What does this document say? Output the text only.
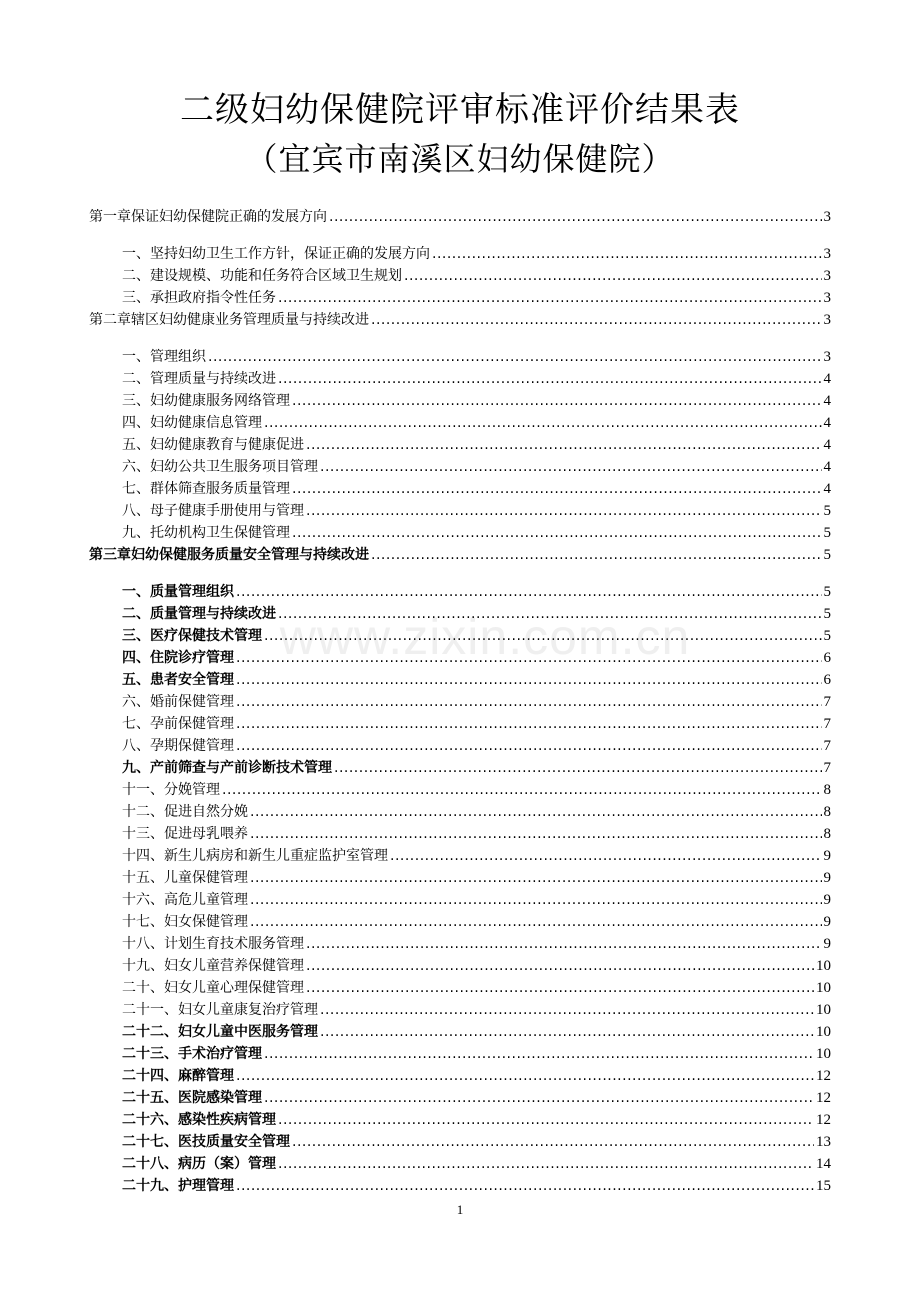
二级妇幼保健院评审标准评价结果表
（宜宾市南溪区妇幼保健院）
第一章保证妇幼保健院正确的发展方向 .....	3
一、坚持妇幼卫生工作方针，保证正确的发展方向 .....	3
二、建设规模、功能和任务符合区域卫生规划 .....	3
三、承担政府指令性任务 .....	3
第二章辖区妇幼健康业务管理质量与持续改进 .....	3
一、管理组织 .....	3
二、管理质量与持续改进 .....	4
三、妇幼健康服务网络管理 .....	4
四、妇幼健康信息管理 .....	4
五、妇幼健康教育与健康促进 .....	4
六、妇幼公共卫生服务项目管理 .....	4
七、群体筛查服务质量管理 .....	4
八、母子健康手册使用与管理 .....	5
九、托幼机构卫生保健管理 .....	5
第三章妇幼保健服务质量安全管理与持续改进 .....	5
一、质量管理组织 .....	5
二、质量管理与持续改进 .....	5
三、医疗保健技术管理 .....	5
四、住院诊疗管理 .....	6
五、患者安全管理 .....	6
六、婚前保健管理 .....	7
七、孕前保健管理 .....	7
八、孕期保健管理 .....	7
九、产前筛查与产前诊断技术管理 .....	7
十一、分娩管理 .....	8
十二、促进自然分娩 .....	8
十三、促进母乳喂养 .....	8
十四、新生儿病房和新生儿重症监护室管理 .....	9
十五、儿童保健管理 .....	9
十六、高危儿童管理 .....	9
十七、妇女保健管理 .....	9
十八、计划生育技术服务管理 .....	9
十九、妇女儿童营养保健管理 .....	10
二十、妇女儿童心理保健管理 .....	10
二十一、妇女儿童康复治疗管理 .....	10
二十二、妇女儿童中医服务管理 .....	10
二十三、手术治疗管理 .....	10
二十四、麻醉管理 .....	12
二十五、医院感染管理 .....	12
二十六、感染性疾病管理 .....	12
二十七、医技质量安全管理 .....	13
二十八、病历（案）管理 .....	14
二十九、护理管理 .....	15
www.zixin.com.cn
1
